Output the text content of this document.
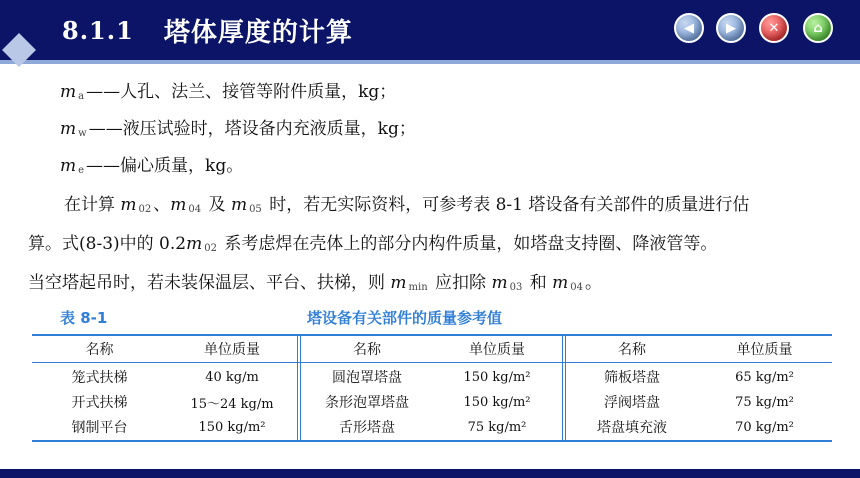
8.1.1 塔体厚度的计算	◀ ▶	✕	⌂
m $_a$ ——人孔、法兰、接管等附件质量，kg；
m $_w$ ——液压试验时，塔设备内充液质量，kg；
m $_e$ ——偏心质量，kg。

在计算 m $_{02}$ 、m $_{04}$ 及 m $_{05}$ 时，若无实际资料，可参考表 8-1 塔设备有关部件的质量进行估

算。式(8-3)中的 0.2m $_{02}$ 系考虑焊在壳体上的部分内构件质量，如塔盘支持圈、降液管等。

当空塔起吊时，若未装保温层、平台、扶梯，则 m $_{min}$ 应扣除 m $_{03}$ 和 m $_{04}$ 。

表 8-1	塔设备有关部件的质量参考值
名称	单位质量	名称	单位质量	名称	单位质量
笼式扶梯	40 kg/m	圆泡罩塔盘	150 kg/m²	筛板塔盘	65 kg/m²
开式扶梯	15～24 kg/m	条形泡罩塔盘	150 kg/m²	浮阀塔盘	75 kg/m²
钢制平台	150 kg/m²	舌形塔盘	75 kg/m²	塔盘填充液	70 kg/m²
